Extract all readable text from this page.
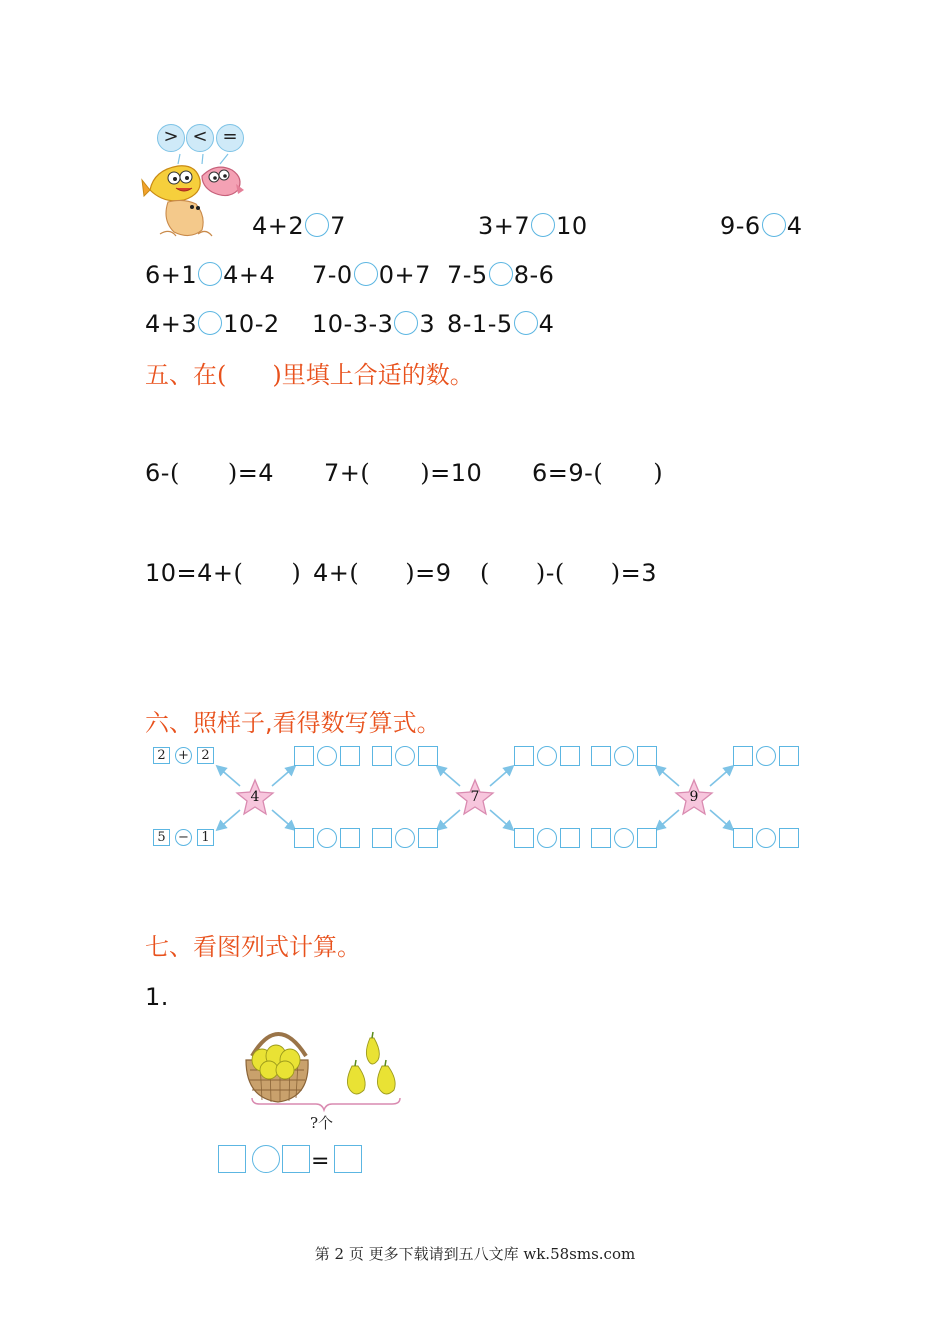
> < =
4+2 7	3+7 10	9-6 4
6+1 4+4 7-0 0+7 7-5 8-6
4+3 10-2 10-3-3 3 8-1-5 4
五、在( )里填上合适的数。
6-( )=4 7+( )=10 6=9-( )
10=4+( ) 4+( )=9 ( )-( )=3
六、照样子,看得数写算式。
4	7	9
2 + 2
5 − 1
七、看图列式计算。
1.
?个
=
第 2 页 更多下载请到五八文库 wk.58sms.com
